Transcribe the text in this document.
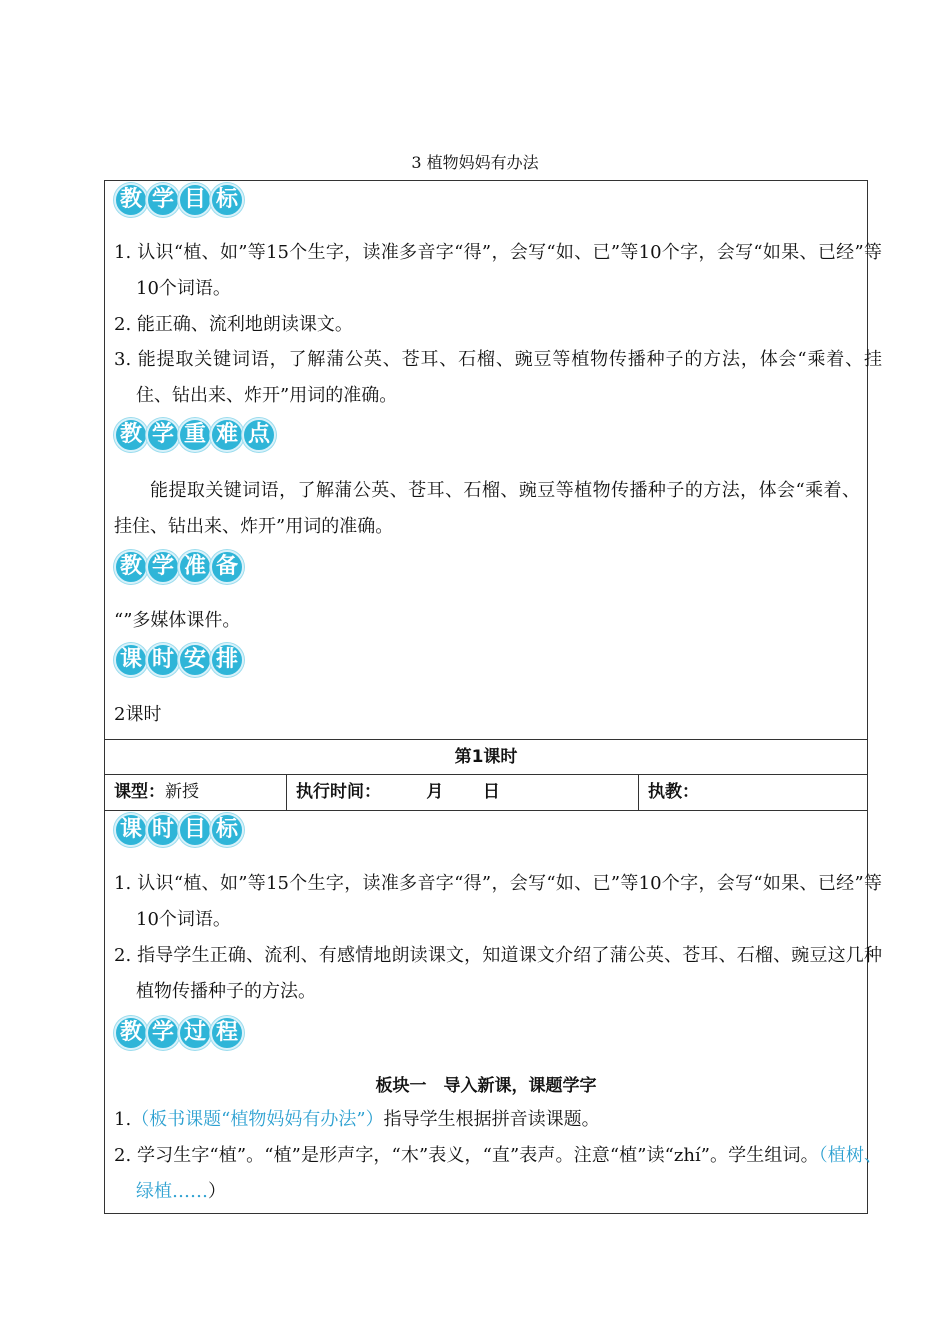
3 植物妈妈有办法
教 学 目 标
1. 认识“植、如”等15个生字，读准多音字“得”，会写“如、已”等10个字，会写“如果、已经”等10个词语。
2. 能正确、流利地朗读课文。
3. 能提取关键词语，了解蒲公英、苍耳、石榴、豌豆等植物传播种子的方法，体会“乘着、挂住、钻出来、炸开”用词的准确。
教 学 重 难 点
能提取关键词语，了解蒲公英、苍耳、石榴、豌豆等植物传播种子的方法，体会“乘着、挂住、钻出来、炸开”用词的准确。
教 学 准 备
“”多媒体课件。
课 时 安 排
2课时
第1课时
课型：新授	执行时间：	月 日	执教：
课 时 目 标
1. 认识“植、如”等15个生字，读准多音字“得”，会写“如、已”等10个字，会写“如果、已经”等10个词语。
2. 指导学生正确、流利、有感情地朗读课文，知道课文介绍了蒲公英、苍耳、石榴、豌豆这几种植物传播种子的方法。
教 学 过 程
板块一　导入新课，课题学字
1.（板书课题“植物妈妈有办法”）指导学生根据拼音读课题。
2. 学习生字“植”。“植”是形声字，“木”表义，“直”表声。注意“植”读“zhí”。学生组词。（植树、绿植……）
